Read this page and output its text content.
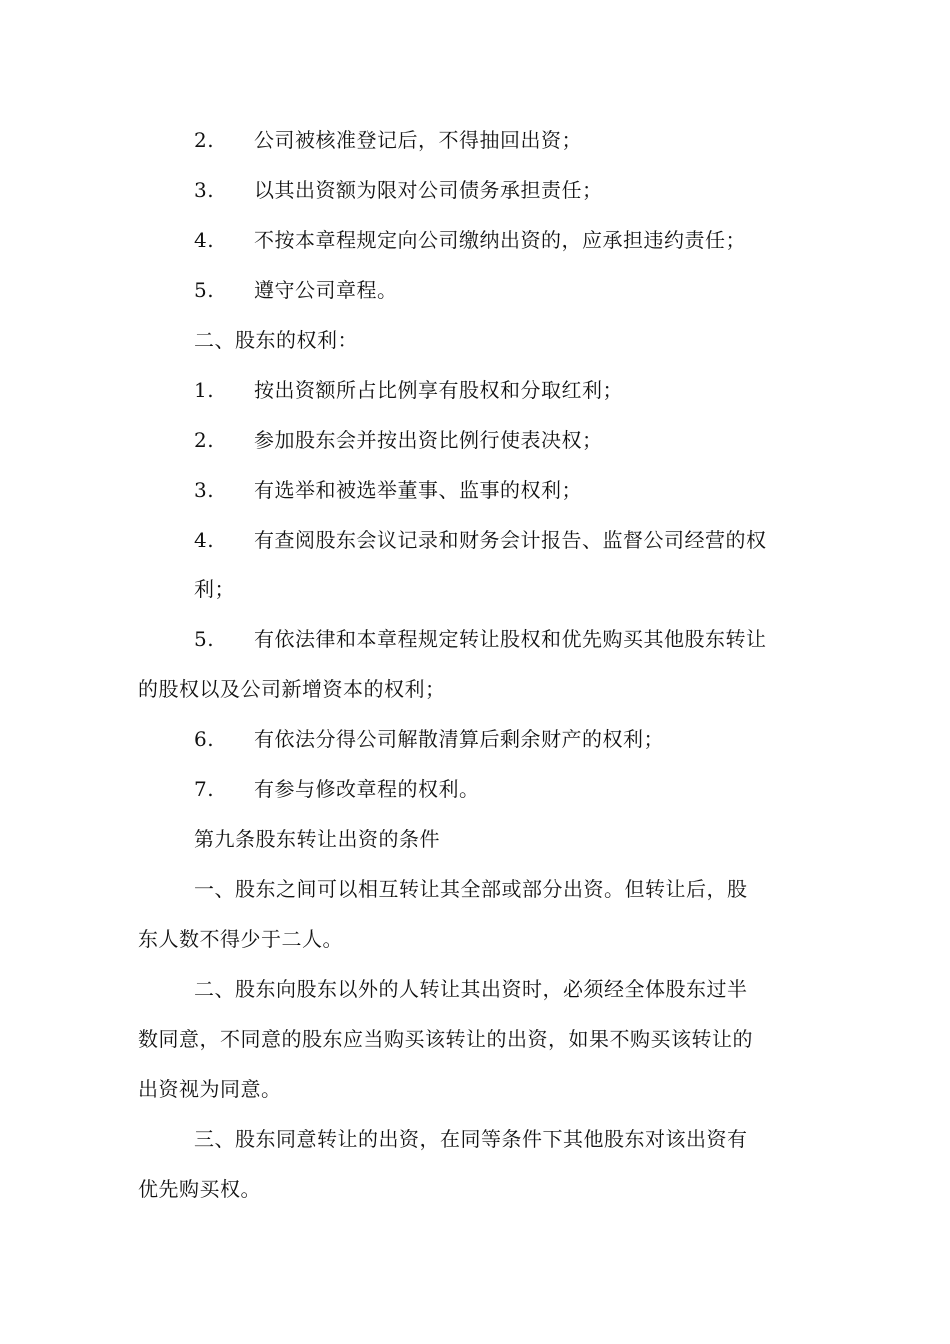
2. 公司被核准登记后，不得抽回出资；
3. 以其出资额为限对公司债务承担责任；
4. 不按本章程规定向公司缴纳出资的，应承担违约责任；
5. 遵守公司章程。
二、股东的权利：
1. 按出资额所占比例享有股权和分取红利；
2. 参加股东会并按出资比例行使表决权；
3. 有选举和被选举董事、监事的权利；
4. 有查阅股东会议记录和财务会计报告、监督公司经营的权
利；
5. 有依法律和本章程规定转让股权和优先购买其他股东转让
的股权以及公司新增资本的权利；
6. 有依法分得公司解散清算后剩余财产的权利；
7. 有参与修改章程的权利。
第九条股东转让出资的条件
一、股东之间可以相互转让其全部或部分出资。但转让后，股
东人数不得少于二人。
二、股东向股东以外的人转让其出资时，必须经全体股东过半
数同意，不同意的股东应当购买该转让的出资，如果不购买该转让的
出资视为同意。
三、股东同意转让的出资，在同等条件下其他股东对该出资有
优先购买权。
